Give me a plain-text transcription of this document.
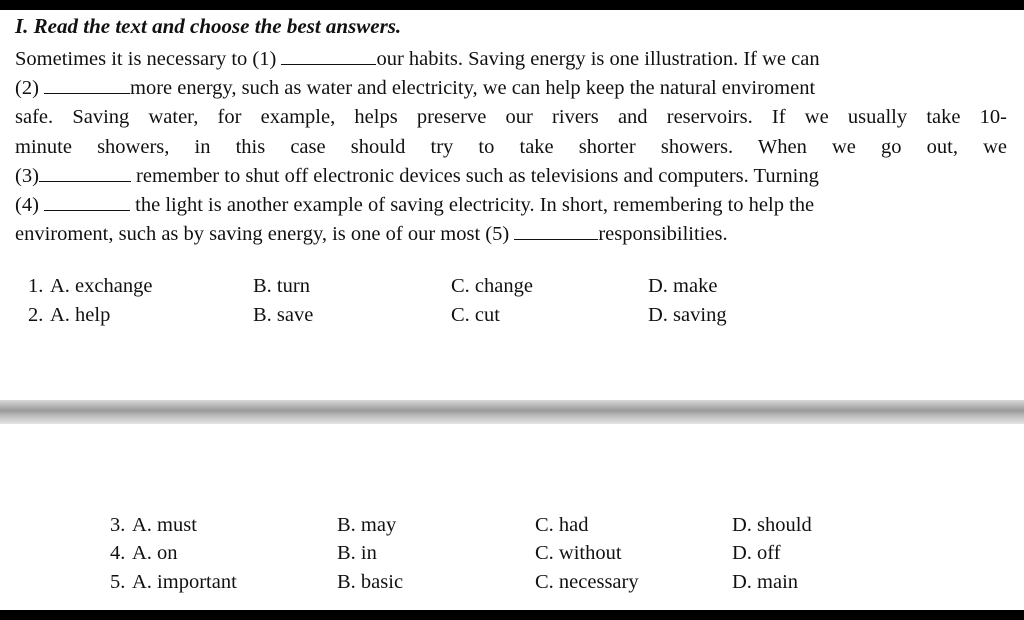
I. Read the text and choose the best answers.
Sometimes it is necessary to (1)	our habits. Saving energy is one illustration. If we can
(2)	more energy, such as water and electricity, we can help keep the natural enviroment
safe. Saving water, for example, helps preserve our rivers and reservoirs. If we usually take 10-
minute showers, in this case should try to take shorter showers. When we go out, we
(3)	remember to shut off electronic devices such as televisions and computers. Turning
(4)	the light is another example of saving electricity. In short, remembering to help the
enviroment, such as by saving energy, is one of our most (5)	responsibilities.
1. A. exchange	B. turn	C. change	D. make
2. A. help	B. save	C. cut	D. saving
3. A. must	B. may	C. had	D. should
4. A. on	B. in	C. without	D. off
5. A. important	B. basic	C. necessary	D. main
